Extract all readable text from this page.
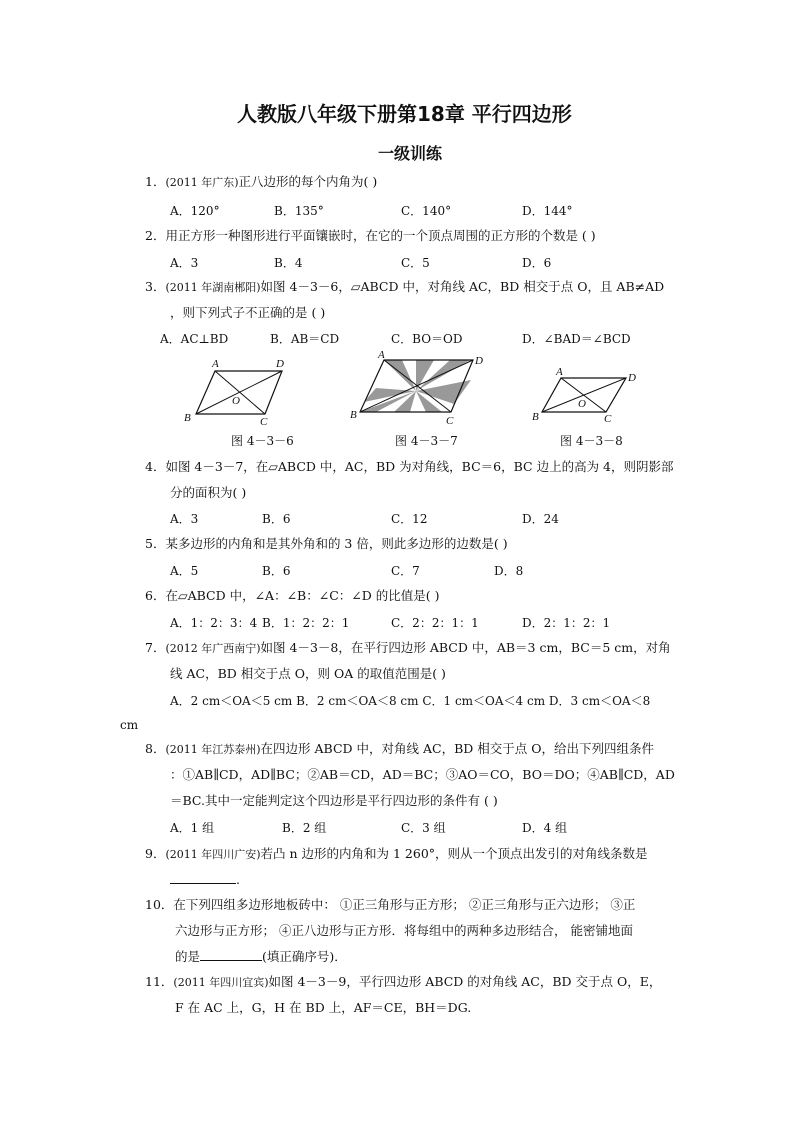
人教版八年级下册第18章 平行四边形
一级训练
1．(2011 年广东)正八边形的每个内角为( )
A．120°	B．135°	C．140°	D．144°
2．用正方形一种图形进行平面镶嵌时，在它的一个顶点周围的正方形的个数是 ( )
A．3	B．4	C．5	D．6
3．(2011 年湖南郴阳)如图 4－3－6，▱ABCD 中，对角线 AC，BD 相交于点 O，且 AB≠AD
，则下列式子不正确的是 ( )
A．AC⊥BD	B．AB＝CD	C．BO＝OD	D．∠BAD＝∠BCD
A	D
B	C
O
A	D
B	C
A	D
B	C
O
图 4－3－6	图 4－3－7	图 4－3－8
4．如图 4－3－7，在▱ABCD 中，AC，BD 为对角线，BC＝6，BC 边上的高为 4，则阴影部
分的面积为( )
A．3	B．6	C．12	D．24
5．某多边形的内角和是其外角和的 3 倍，则此多边形的边数是( )
A．5	B．6	C．7	D．8
6．在▱ABCD 中，∠A：∠B：∠C：∠D 的比值是( )
A．1：2：3：4 B．1：2：2：1	C．2：2：1：1	D．2：1：2：1
7．(2012 年广西南宁)如图 4－3－8，在平行四边形 ABCD 中，AB＝3 cm，BC＝5 cm，对角
线 AC，BD 相交于点 O，则 OA 的取值范围是( )
A．2 cm＜OA＜5 cm B．2 cm＜OA＜8 cm C．1 cm＜OA＜4 cm D．3 cm＜OA＜8
cm
8．(2011 年江苏泰州)在四边形 ABCD 中，对角线 AC，BD 相交于点 O，给出下列四组条件
：①AB∥CD，AD∥BC；②AB＝CD，AD＝BC；③AO＝CO，BO＝DO；④AB∥CD，AD
＝BC.其中一定能判定这个四边形是平行四边形的条件有 ( )
A．1 组	B．2 组	C．3 组	D．4 组
9．(2011 年四川广安)若凸 n 边形的内角和为 1 260°，则从一个顶点出发引的对角线条数是
.
10．在下列四组多边形地板砖中： ①正三角形与正方形； ②正三角形与正六边形； ③正
六边形与正方形； ④正八边形与正方形．将每组中的两种多边形结合， 能密铺地面
的是	(填正确序号)．
11．(2011 年四川宜宾)如图 4－3－9，平行四边形 ABCD 的对角线 AC，BD 交于点 O，E，
F 在 AC 上，G，H 在 BD 上，AF＝CE，BH＝DG.
